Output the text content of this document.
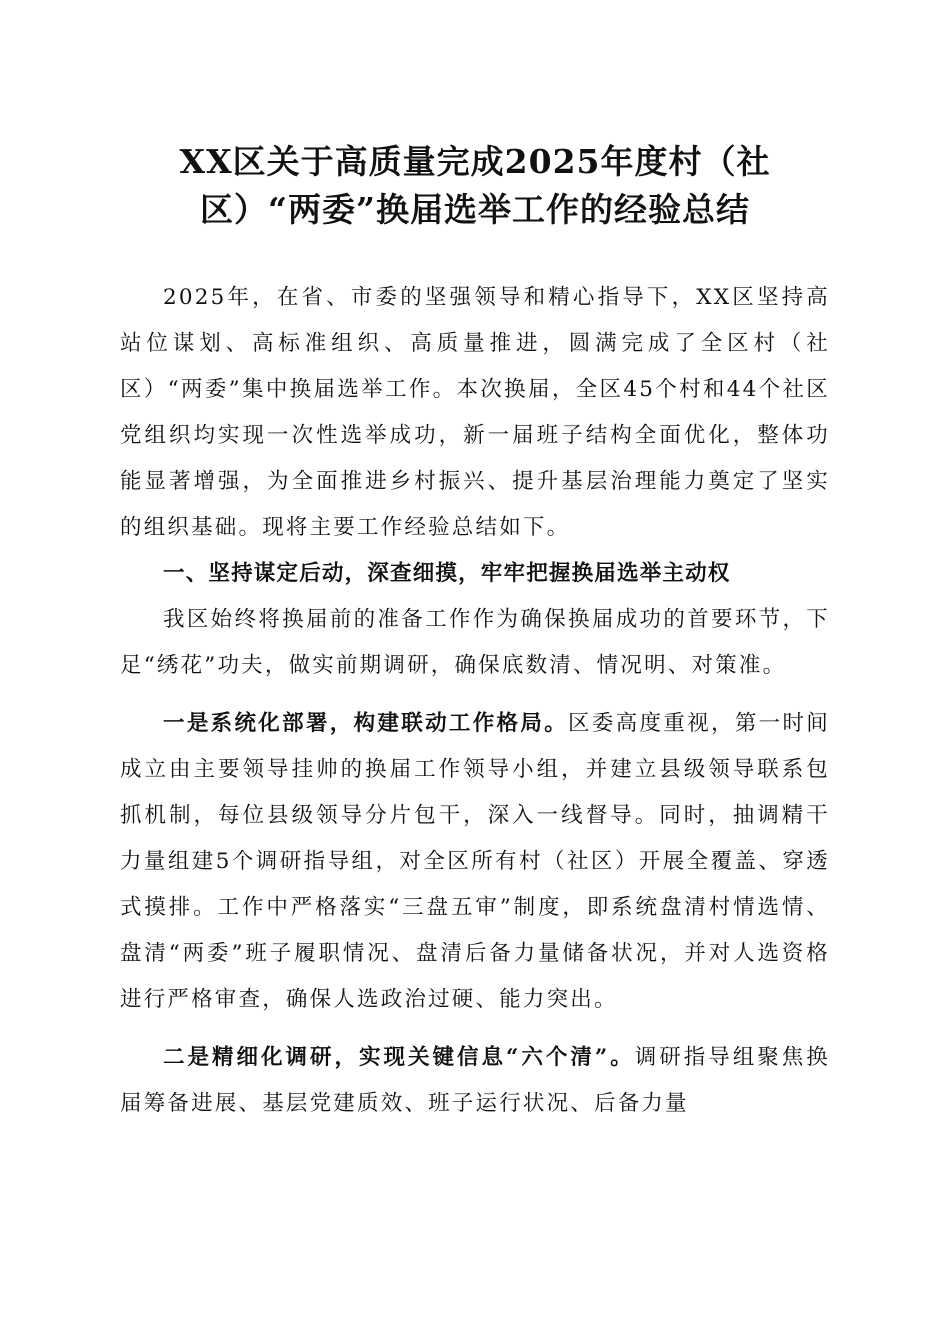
XX区关于高质量完成2025年度村（社
区）“两委”换届选举工作的经验总结

2025年，在省、市委的坚强领导和精心指导下，XX区坚持高站位谋划、高标准组织、高质量推进，圆满完成了全区村（社区）“两委”集中换届选举工作。本次换届，全区45个村和44个社区党组织均实现一次性选举成功，新一届班子结构全面优化，整体功能显著增强，为全面推进乡村振兴、提升基层治理能力奠定了坚实的组织基础。现将主要工作经验总结如下。

一、坚持谋定后动，深查细摸，牢牢把握换届选举主动权

我区始终将换届前的准备工作作为确保换届成功的首要环节，下足“绣花”功夫，做实前期调研，确保底数清、情况明、对策准。

一是系统化部署，构建联动工作格局。区委高度重视，第一时间成立由主要领导挂帅的换届工作领导小组，并建立县级领导联系包抓机制，每位县级领导分片包干，深入一线督导。同时，抽调精干力量组建5个调研指导组，对全区所有村（社区）开展全覆盖、穿透式摸排。工作中严格落实“三盘五审”制度，即系统盘清村情选情、盘清“两委”班子履职情况、盘清后备力量储备状况，并对人选资格进行严格审查，确保人选政治过硬、能力突出。

二是精细化调研，实现关键信息“六个清”。调研指导组聚焦换届筹备进展、基层党建质效、班子运行状况、后备力量
